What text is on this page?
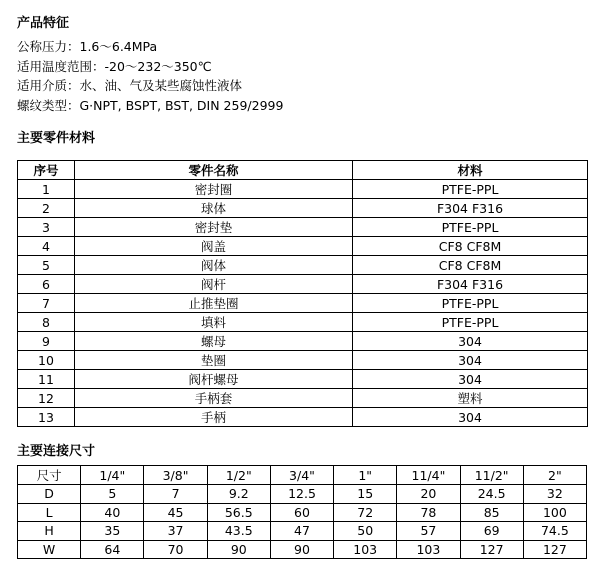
产品特征
公称压力：1.6～6.4MPa
适用温度范围：-20～232～350℃
适用介质：水、油、气及某些腐蚀性液体
螺纹类型：G·NPT, BSPT, BST, DIN 259/2999
主要零件材料
序号	零件名称	材料
1	密封圈	PTFE-PPL
2	球体	F304 F316
3	密封垫	PTFE-PPL
4	阀盖	CF8 CF8M
5	阀体	CF8 CF8M
6	阀杆	F304 F316
7	止推垫圈	PTFE-PPL
8	填料	PTFE-PPL
9	螺母	304
10	垫圈	304
11	阀杆螺母	304
12	手柄套	塑料
13	手柄	304
主要连接尺寸
尺寸	1/4"	3/8"	1/2"	3/4"	1"	11/4"	11/2"	2"
D	5	7	9.2	12.5	15	20	24.5	32
L	40	45	56.5	60	72	78	85	100
H	35	37	43.5	47	50	57	69	74.5
W	64	70	90	90	103	103	127	127
